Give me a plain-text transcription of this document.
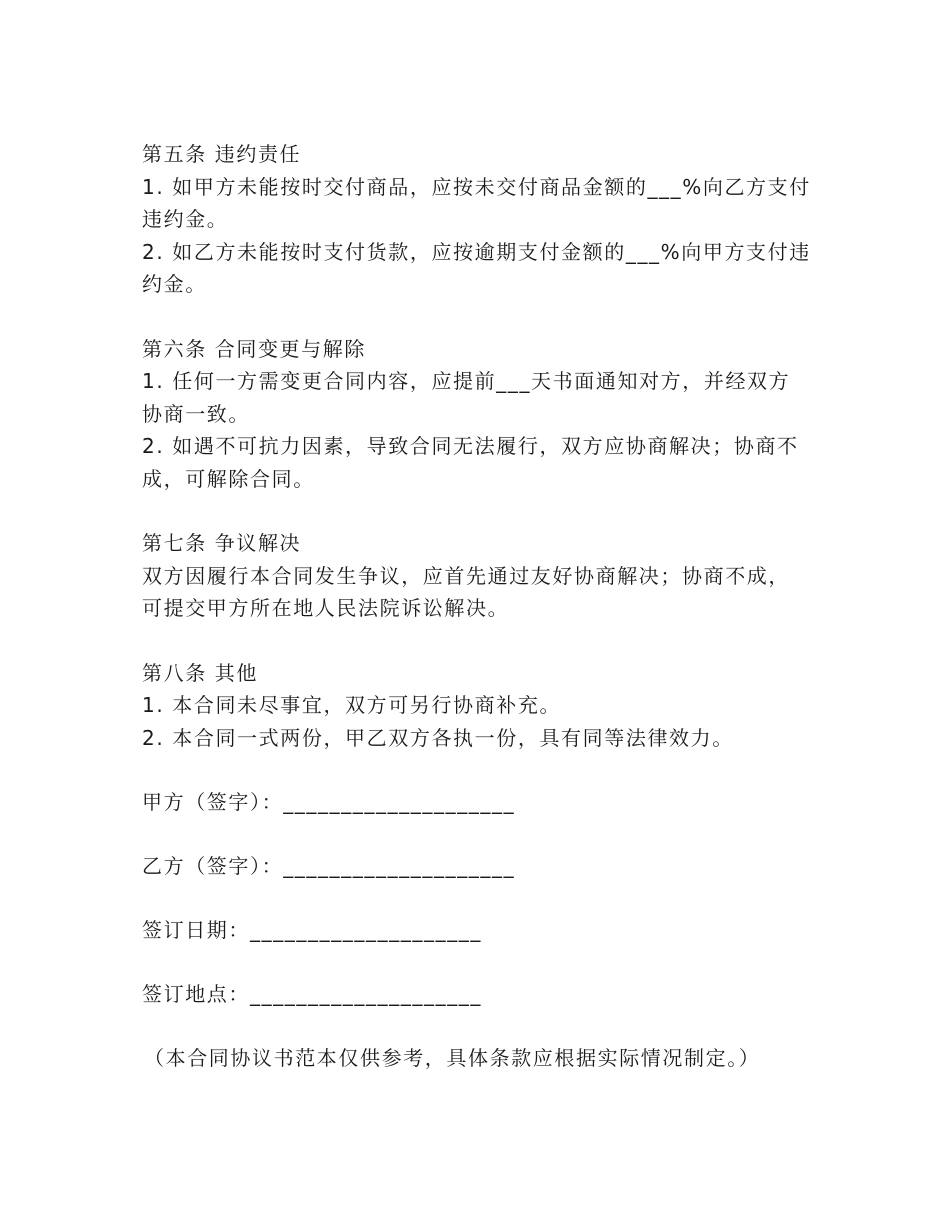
第五条 违约责任
1. 如甲方未能按时交付商品，应按未交付商品金额的___%向乙方支付
违约金。
2. 如乙方未能按时支付货款，应按逾期支付金额的___%向甲方支付违
约金。
第六条 合同变更与解除
1. 任何一方需变更合同内容，应提前___天书面通知对方，并经双方
协商一致。
2. 如遇不可抗力因素，导致合同无法履行，双方应协商解决；协商不
成，可解除合同。
第七条 争议解决
双方因履行本合同发生争议，应首先通过友好协商解决；协商不成，
可提交甲方所在地人民法院诉讼解决。
第八条 其他
1. 本合同未尽事宜，双方可另行协商补充。
2. 本合同一式两份，甲乙双方各执一份，具有同等法律效力。
甲方（签字）：____________________
乙方（签字）：____________________
签订日期：____________________
签订地点：____________________
（本合同协议书范本仅供参考，具体条款应根据实际情况制定。）
